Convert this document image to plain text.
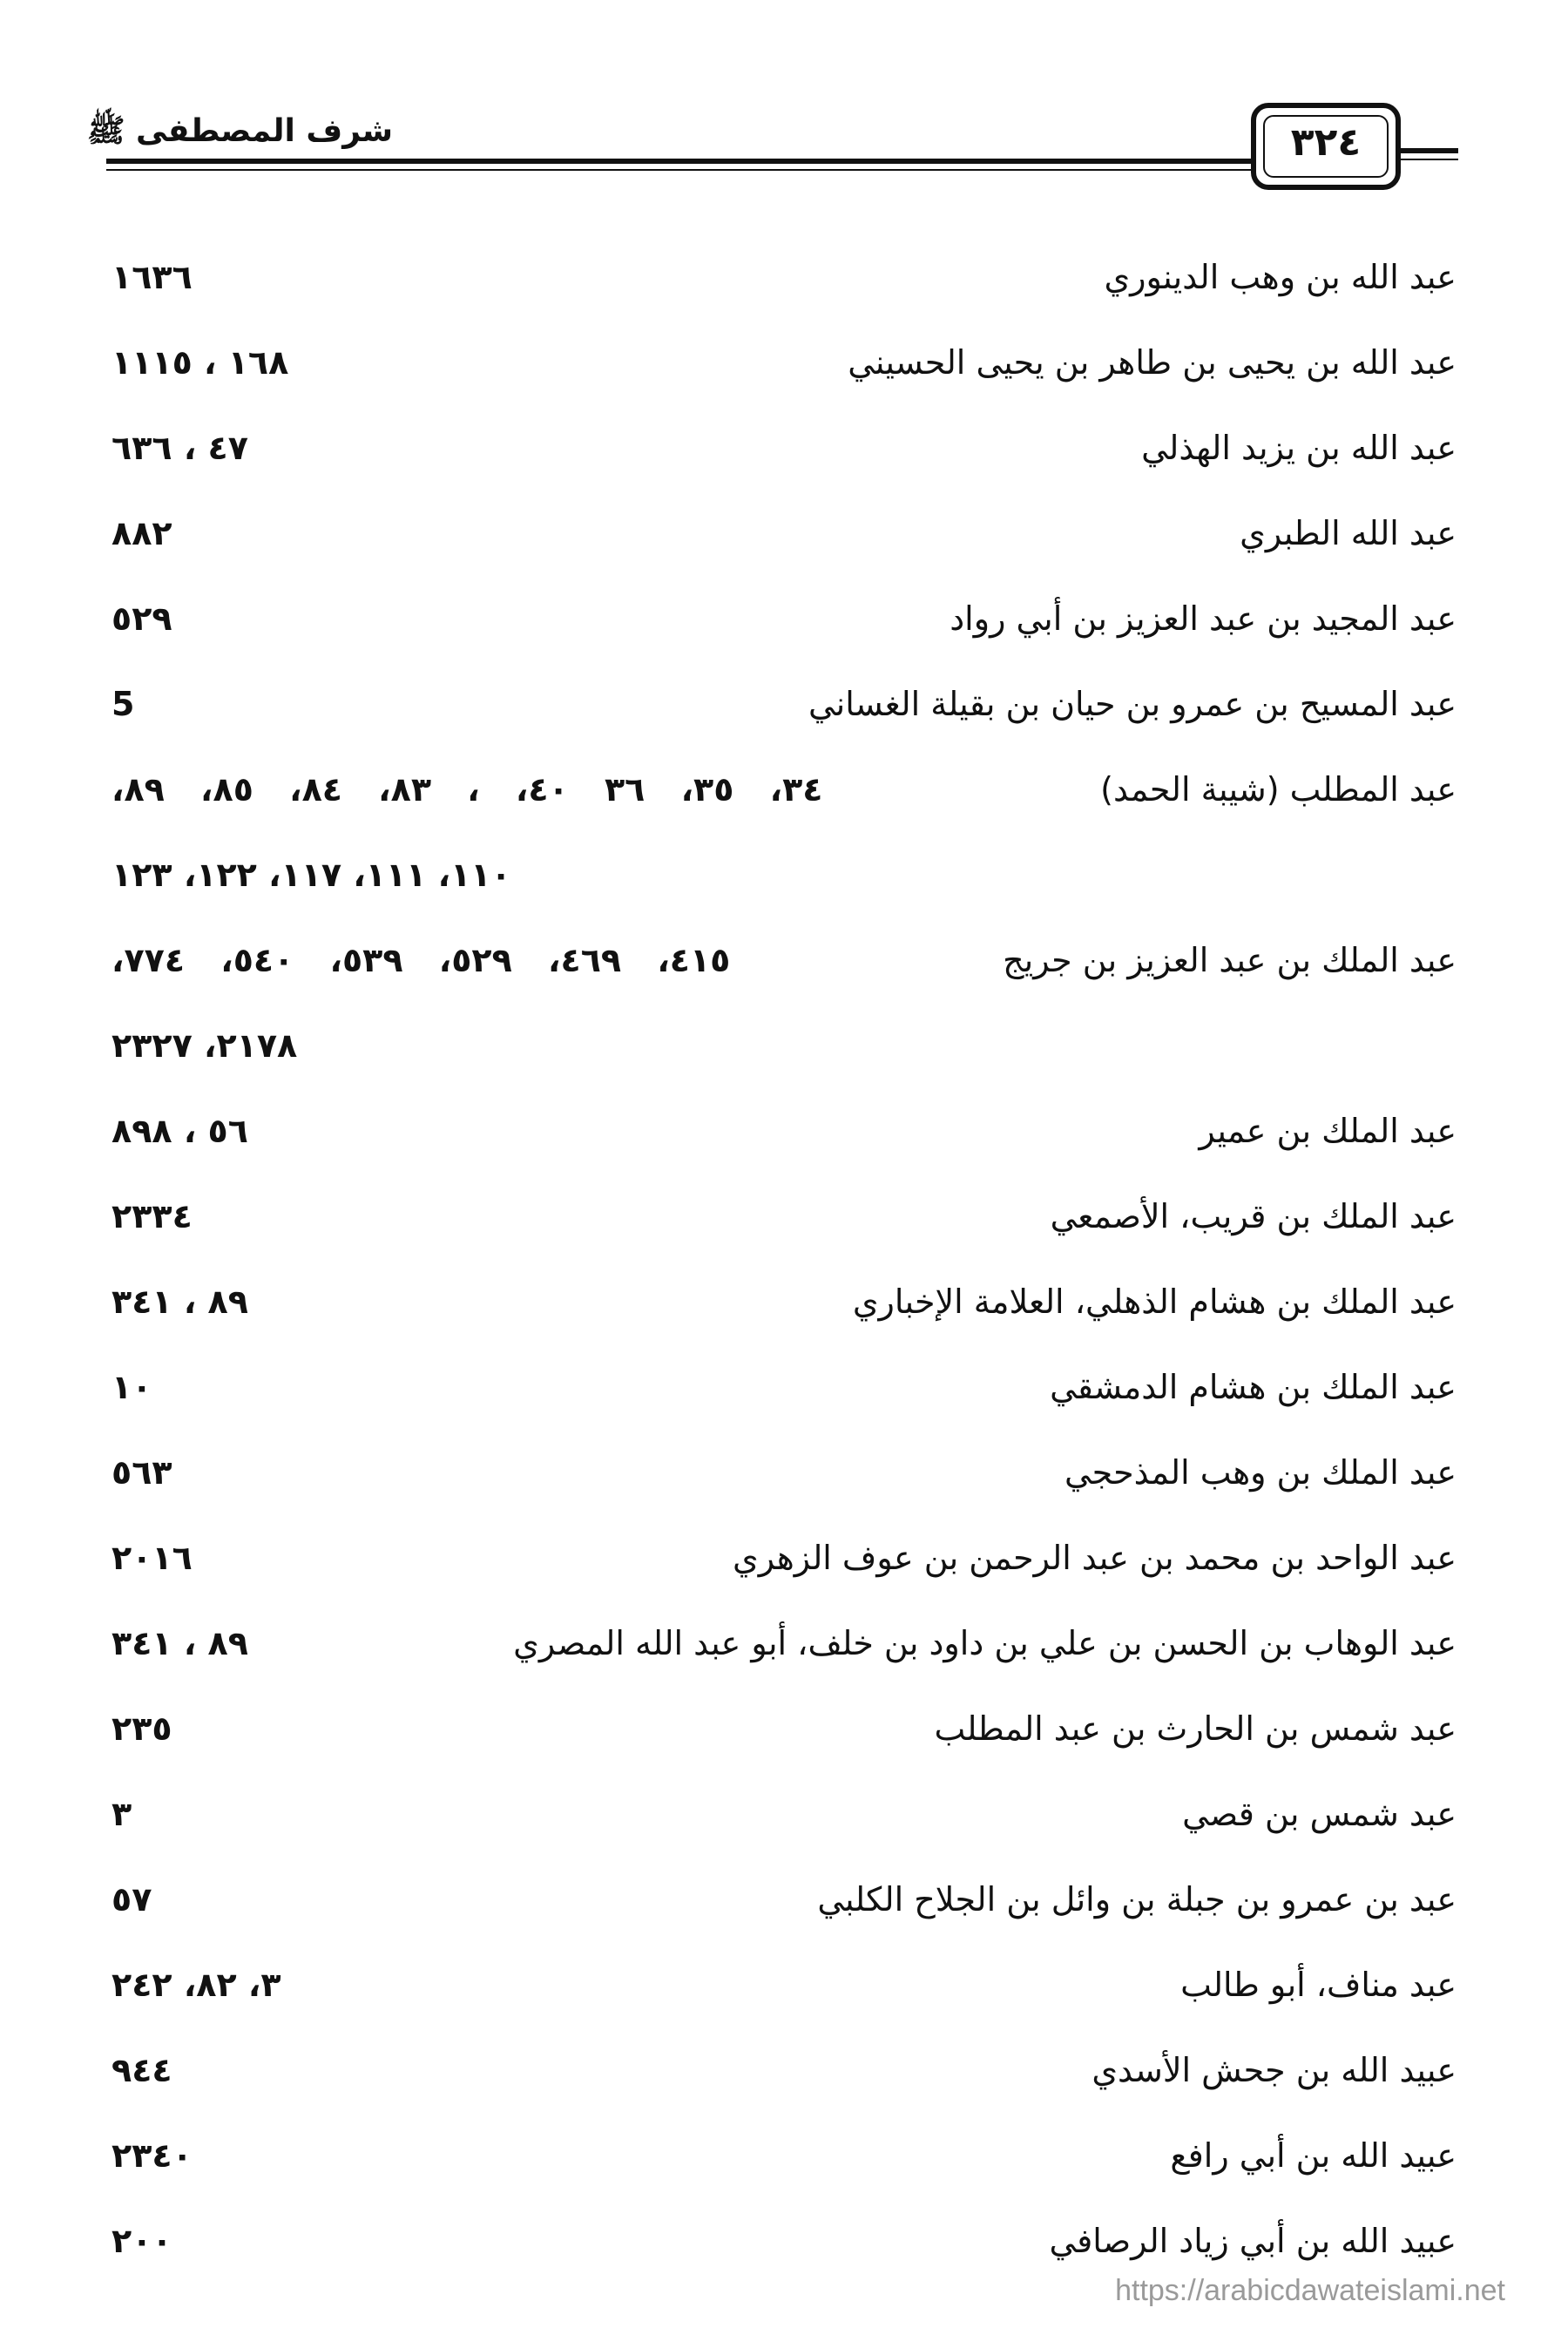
شرف المصطفى ﷺ	٣٢٤
عبد الله بن وهب الدينوري
١٦٣٦
عبد الله بن يحيى بن طاهر بن يحيى الحسيني
١٦٨ ، ١١١٥
عبد الله بن يزيد الهذلي
٤٧ ، ٦٣٦
عبد الله الطبري
٨٨٢
عبد المجيد بن عبد العزيز بن أبي رواد
٥٢٩
عبد المسيح بن عمرو بن حيان بن بقيلة الغساني
5
عبد المطلب (شيبة الحمد)
٣٤، ٣٥، ٣٦ ٤٠، ، ٨٣، ٨٤، ٨٥، ٨٩،
١١٠، ١١١، ١١٧، ١٢٢، ١٢٣
عبد الملك بن عبد العزيز بن جريج
٤١٥، ٤٦٩، ٥٢٩، ٥٣٩، ٥٤٠، ٧٧٤،
٢١٧٨، ٢٣٢٧
عبد الملك بن عمير
٥٦ ، ٨٩٨
عبد الملك بن قريب، الأصمعي
٢٣٣٤
عبد الملك بن هشام الذهلي، العلامة الإخباري
٨٩ ، ٣٤١
عبد الملك بن هشام الدمشقي
١٠
عبد الملك بن وهب المذحجي
٥٦٣
عبد الواحد بن محمد بن عبد الرحمن بن عوف الزهري
٢٠١٦
عبد الوهاب بن الحسن بن علي بن داود بن خلف، أبو عبد الله المصري
٨٩ ، ٣٤١
عبد شمس بن الحارث بن عبد المطلب
٢٣٥
عبد شمس بن قصي
٣
عبد بن عمرو بن جبلة بن وائل بن الجلاح الكلبي
٥٧
عبد مناف، أبو طالب
٣، ٨٢، ٢٤٢
عبيد الله بن جحش الأسدي
٩٤٤
عبيد الله بن أبي رافع
٢٣٤٠
عبيد الله بن أبي زياد الرصافي
٢٠٠
https://arabicdawateislami.net
